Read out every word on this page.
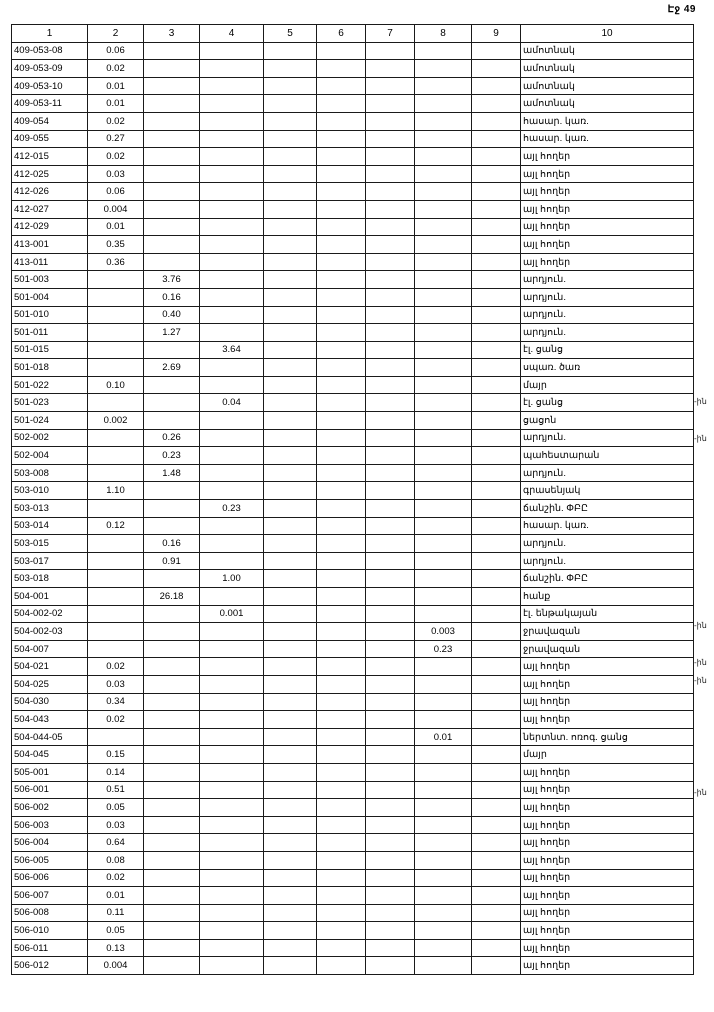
Էջ 49
1	2	3	4	5	6	7	8	9	10
409-053-08	0.06								ամոտնակ
409-053-09	0.02								ամոտնակ
409-053-10	0.01								ամոտնակ
409-053-11	0.01								ամոտնակ
409-054	0.02								հասար. կառ.
409-055	0.27								հասար. կառ.
412-015	0.02								այլ հողեր
412-025	0.03								այլ հողեր
412-026	0.06								այլ հողեր
412-027	0.004								այլ հողեր
412-029	0.01								այլ հողեր
413-001	0.35								այլ հողեր
413-011	0.36								այլ հողեր
501-003		3.76							արդյուն.
501-004		0.16							արդյուն.
501-010		0.40							արդյուն.
501-011		1.27							արդյուն.
501-015			3.64						էլ. ցանց
501-018		2.69							սպառ. ծառ
501-022	0.10								մայր
501-023			0.04						էլ. ցանց
501-024	0.002								ցացոն
502-002		0.26							արդյուն.
502-004		0.23							պահեստարան
503-008		1.48							արդյուն.
503-010	1.10								գրասենյակ
503-013			0.23						ճանշին. ՓԲԸ
503-014	0.12								հասար. կառ.
503-015		0.16							արդյուն.
503-017		0.91							արդյուն.
503-018			1.00						ճանշին. ՓԲԸ
504-001		26.18							հանք
504-002-02			0.001						էլ. ենթակայան
504-002-03							0.003		ջրավազան
504-007							0.23		ջրավազան
504-021	0.02								այլ հողեր
504-025	0.03								այլ հողեր
504-030	0.34								այլ հողեր
504-043	0.02								այլ հողեր
504-044-05							0.01		ներտնտ. ոռոգ. ցանց
504-045	0.15								մայր
505-001	0.14								այլ հողեր
506-001	0.51								այլ հողեր
506-002	0.05								այլ հողեր
506-003	0.03								այլ հողեր
506-004	0.64								այլ հողեր
506-005	0.08								այլ հողեր
506-006	0.02								այլ հողեր
506-007	0.01								այլ հողեր
506-008	0.11								այլ հողեր
506-010	0.05								այլ հողեր
506-011	0.13								այլ հողեր
506-012	0.004								այլ հողեր
-ին
-ին
-ին
-ին
-ին
-ին
